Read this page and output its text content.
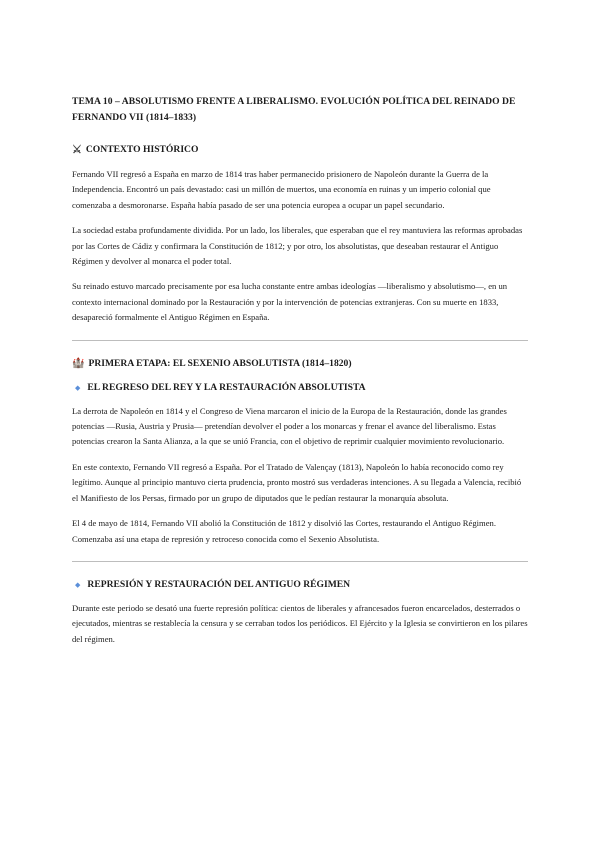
TEMA 10 – ABSOLUTISMO FRENTE A LIBERALISMO. EVOLUCIÓN POLÍTICA DEL REINADO DE FERNANDO VII (1814–1833)
⚔ CONTEXTO HISTÓRICO

Fernando VII regresó a España en marzo de 1814 tras haber permanecido prisionero de Napoleón durante la Guerra de la Independencia. Encontró un país devastado: casi un millón de muertos, una economía en ruinas y un imperio colonial que comenzaba a desmoronarse. España había pasado de ser una potencia europea a ocupar un papel secundario.

La sociedad estaba profundamente dividida. Por un lado, los liberales, que esperaban que el rey mantuviera las reformas aprobadas por las Cortes de Cádiz y confirmara la Constitución de 1812; y por otro, los absolutistas, que deseaban restaurar el Antiguo Régimen y devolver al monarca el poder total.

Su reinado estuvo marcado precisamente por esa lucha constante entre ambas ideologías —liberalismo y absolutismo—, en un contexto internacional dominado por la Restauración y por la intervención de potencias extranjeras. Con su muerte en 1833, desapareció formalmente el Antiguo Régimen en España.

🏰 PRIMERA ETAPA: EL SEXENIO ABSOLUTISTA (1814–1820)
◆ EL REGRESO DEL REY Y LA RESTAURACIÓN ABSOLUTISTA

La derrota de Napoleón en 1814 y el Congreso de Viena marcaron el inicio de la Europa de la Restauración, donde las grandes potencias —Rusia, Austria y Prusia— pretendían devolver el poder a los monarcas y frenar el avance del liberalismo. Estas potencias crearon la Santa Alianza, a la que se unió Francia, con el objetivo de reprimir cualquier movimiento revolucionario.

En este contexto, Fernando VII regresó a España. Por el Tratado de Valençay (1813), Napoleón lo había reconocido como rey legítimo. Aunque al principio mantuvo cierta prudencia, pronto mostró sus verdaderas intenciones. A su llegada a Valencia, recibió el Manifiesto de los Persas, firmado por un grupo de diputados que le pedían restaurar la monarquía absoluta.

El 4 de mayo de 1814, Fernando VII abolió la Constitución de 1812 y disolvió las Cortes, restaurando el Antiguo Régimen. Comenzaba así una etapa de represión y retroceso conocida como el Sexenio Absolutista.

◆ REPRESIÓN Y RESTAURACIÓN DEL ANTIGUO RÉGIMEN

Durante este periodo se desató una fuerte represión política: cientos de liberales y afrancesados fueron encarcelados, desterrados o ejecutados, mientras se restablecía la censura y se cerraban todos los periódicos. El Ejército y la Iglesia se convirtieron en los pilares del régimen.
